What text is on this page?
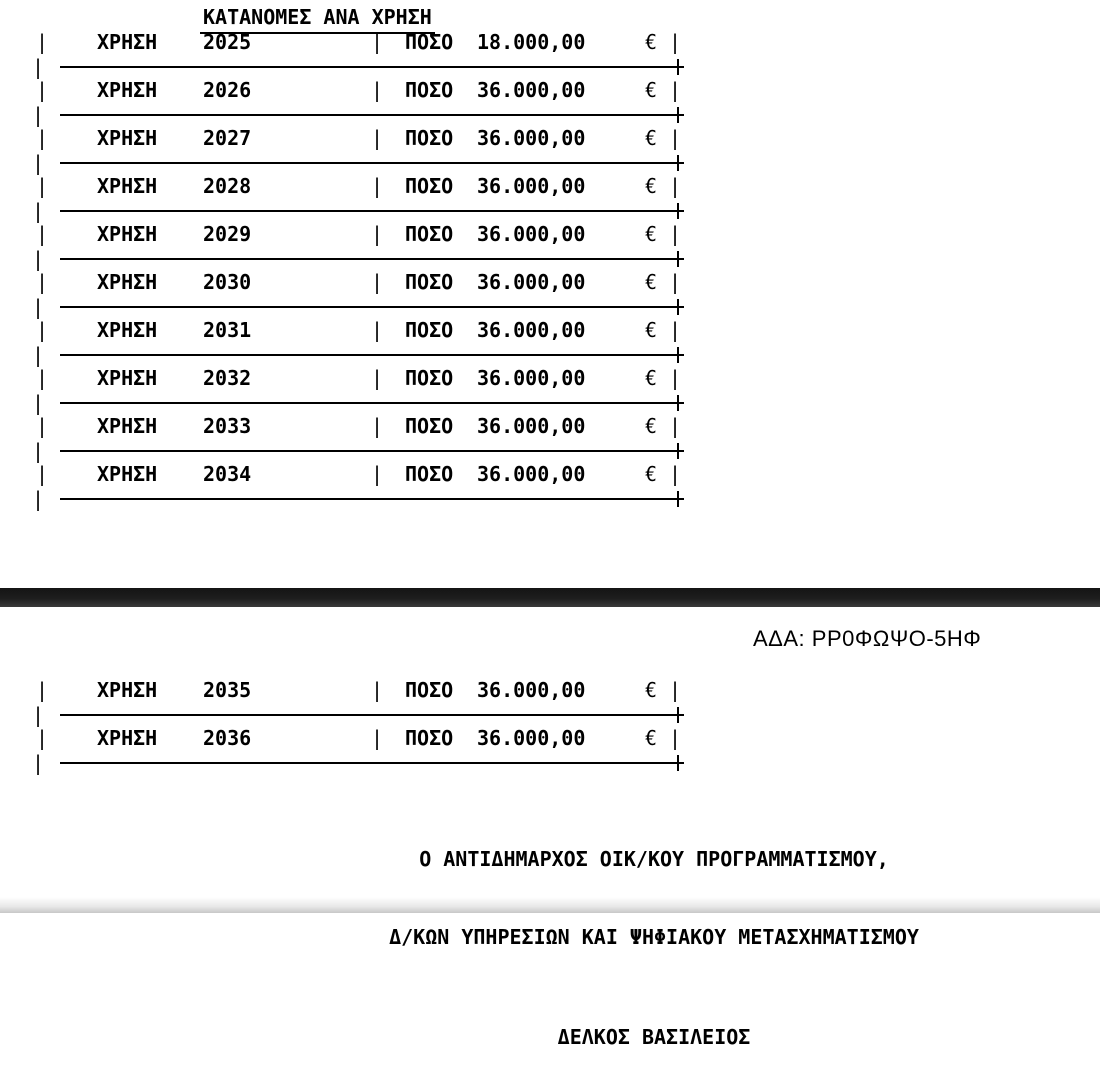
ΚΑΤΑΝΟΜΕΣ ΑΝΑ ΧΡΗΣΗ
| ΧΡΗΣΗ 2025	| ΠΟΣΟ 18.000,00	€ |
|
| ΧΡΗΣΗ 2026	| ΠΟΣΟ 36.000,00	€ |
|
| ΧΡΗΣΗ 2027	| ΠΟΣΟ 36.000,00	€ |
|
| ΧΡΗΣΗ 2028	| ΠΟΣΟ 36.000,00	€ |
|
| ΧΡΗΣΗ 2029	| ΠΟΣΟ 36.000,00	€ |
|
| ΧΡΗΣΗ 2030	| ΠΟΣΟ 36.000,00	€ |
|
| ΧΡΗΣΗ 2031	| ΠΟΣΟ 36.000,00	€ |
|
| ΧΡΗΣΗ 2032	| ΠΟΣΟ 36.000,00	€ |
|
| ΧΡΗΣΗ 2033	| ΠΟΣΟ 36.000,00	€ |
|
| ΧΡΗΣΗ 2034	| ΠΟΣΟ 36.000,00	€ |
|
ΑΔΑ: ΡΡ0ΦΩΨΟ-5ΗΦ
| ΧΡΗΣΗ 2035	| ΠΟΣΟ 36.000,00	€ |
|
| ΧΡΗΣΗ 2036	| ΠΟΣΟ 36.000,00	€ |
|

Ο ΑΝΤΙΔΗΜΑΡΧΟΣ ΟΙΚ/ΚΟΥ ΠΡΟΓΡΑΜΜΑΤΙΣΜΟΥ,

Δ/ΚΩΝ ΥΠΗΡΕΣΙΩΝ ΚΑΙ ΨΗΦΙΑΚΟΥ ΜΕΤΑΣΧΗΜΑΤΙΣΜΟΥ

ΔΕΛΚΟΣ ΒΑΣΙΛΕΙΟΣ
